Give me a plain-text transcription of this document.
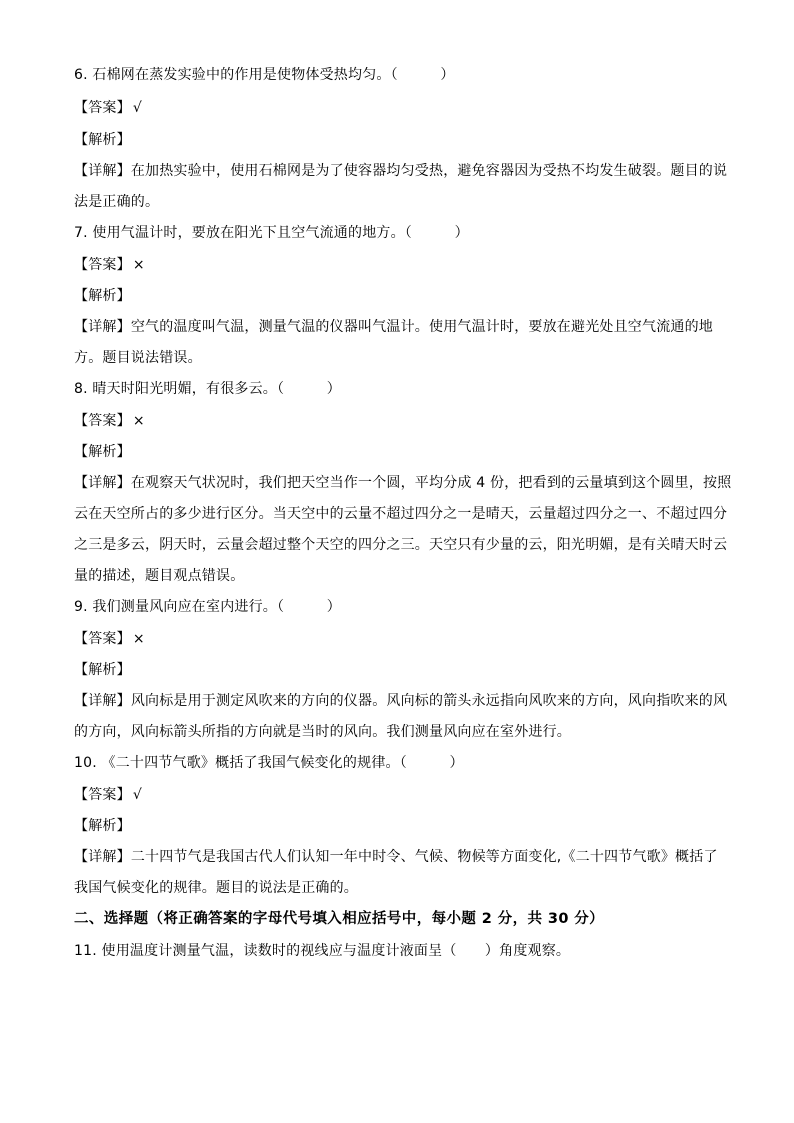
6. 石棉网在蒸发实验中的作用是使物体受热均匀。（　　　）
【答案】 √
【解析】
【详解】在加热实验中，使用石棉网是为了使容器均匀受热，避免容器因为受热不均发生破裂。题目的说
法是正确的。
7. 使用气温计时，要放在阳光下且空气流通的地方。（　　　）
【答案】 ×
【解析】
【详解】空气的温度叫气温，测量气温的仪器叫气温计。使用气温计时，要放在避光处且空气流通的地
方。题目说法错误。
8. 晴天时阳光明媚，有很多云。（　　　）
【答案】 ×
【解析】
【详解】在观察天气状况时，我们把天空当作一个圆，平均分成 4 份，把看到的云量填到这个圆里，按照
云在天空所占的多少进行区分。当天空中的云量不超过四分之一是晴天，云量超过四分之一、不超过四分
之三是多云，阴天时，云量会超过整个天空的四分之三。天空只有少量的云，阳光明媚，是有关晴天时云
量的描述，题目观点错误。
9. 我们测量风向应在室内进行。（　　　）
【答案】 ×
【解析】
【详解】风向标是用于测定风吹来的方向的仪器。风向标的箭头永远指向风吹来的方向，风向指吹来的风
的方向，风向标箭头所指的方向就是当时的风向。我们测量风向应在室外进行。
10. 《二十四节气歌》概括了我国气候变化的规律。（　　　）
【答案】 √
【解析】
【详解】二十四节气是我国古代人们认知一年中时令、气候、物候等方面变化,《二十四节气歌》概括了
我国气候变化的规律。题目的说法是正确的。
二、选择题（将正确答案的字母代号填入相应括号中，每小题 2 分，共 30 分）
11. 使用温度计测量气温，读数时的视线应与温度计液面呈（　　）角度观察。
